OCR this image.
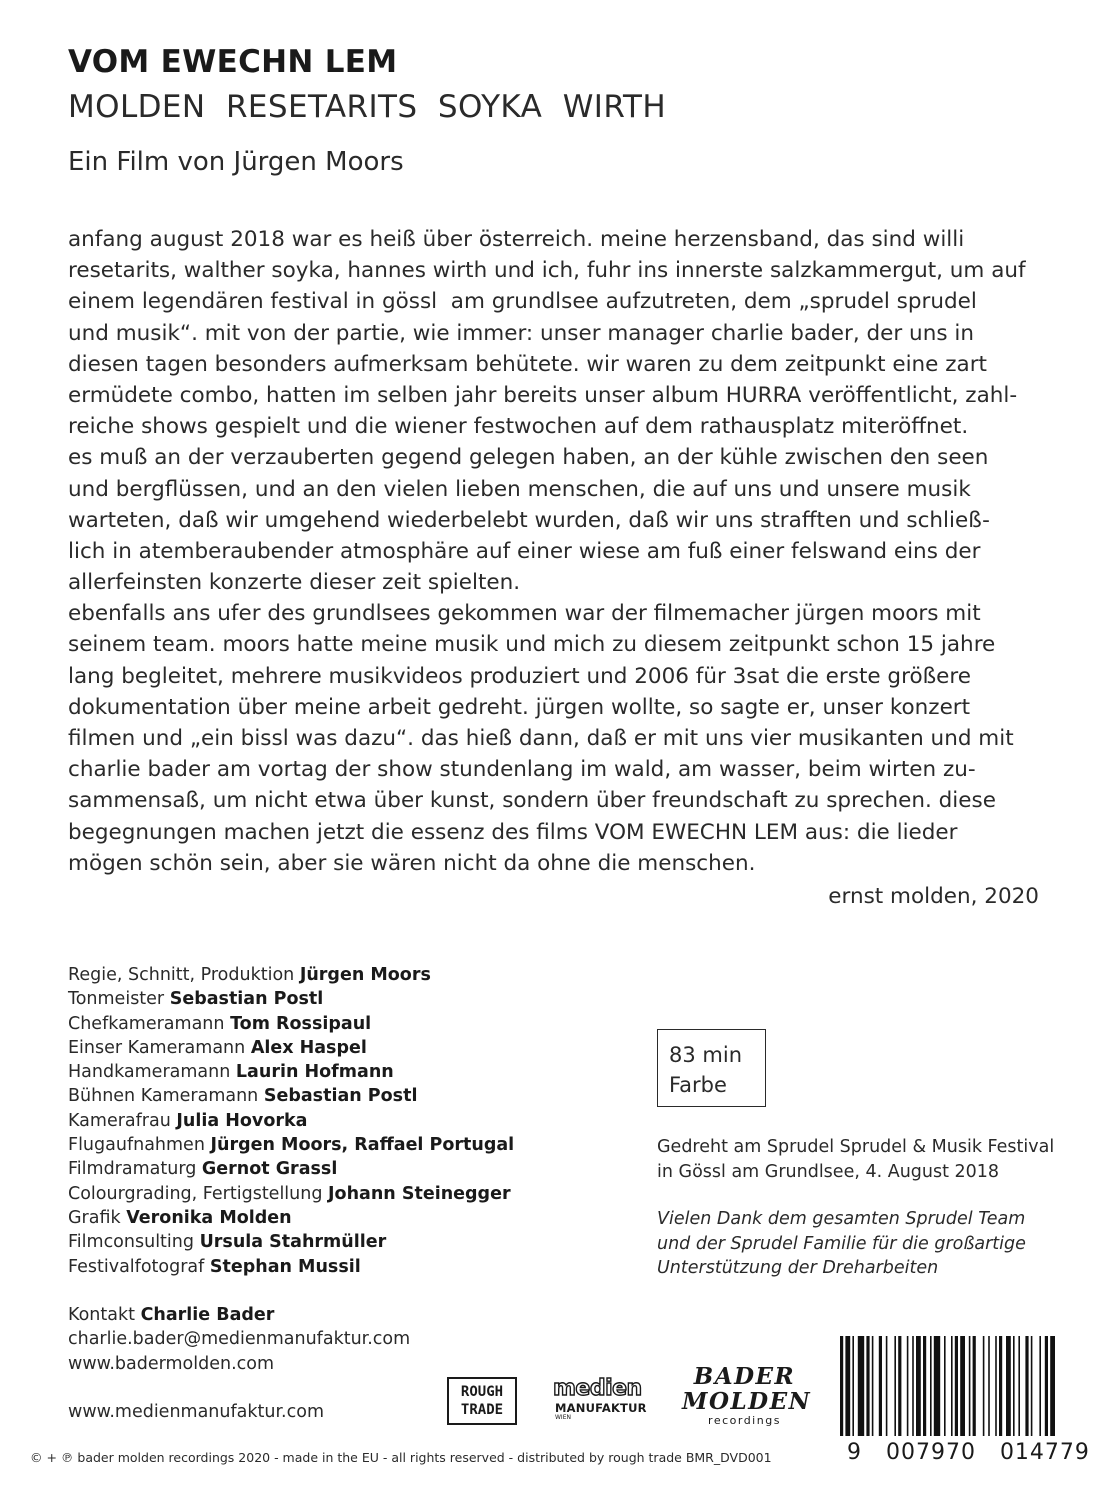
VOM EWECHN LEM
MOLDEN  RESETARITS  SOYKA  WIRTH
Ein Film von Jürgen Moors
anfang august 2018 war es heiß über österreich. meine herzensband, das sind willi
resetarits, walther soyka, hannes wirth und ich, fuhr ins innerste salzkammergut, um auf
einem legendären festival in gössl  am grundlsee aufzutreten, dem „sprudel sprudel
und musik“. mit von der partie, wie immer: unser manager charlie bader, der uns in
diesen tagen besonders aufmerksam behütete. wir waren zu dem zeitpunkt eine zart
ermüdete combo, hatten im selben jahr bereits unser album HURRA veröffentlicht, zahl-
reiche shows gespielt und die wiener festwochen auf dem rathausplatz miteröffnet.
es muß an der verzauberten gegend gelegen haben, an der kühle zwischen den seen
und bergflüssen, und an den vielen lieben menschen, die auf uns und unsere musik
warteten, daß wir umgehend wiederbelebt wurden, daß wir uns strafften und schließ-
lich in atemberaubender atmosphäre auf einer wiese am fuß einer felswand eins der
allerfeinsten konzerte dieser zeit spielten.
ebenfalls ans ufer des grundlsees gekommen war der filmemacher jürgen moors mit
seinem team. moors hatte meine musik und mich zu diesem zeitpunkt schon 15 jahre
lang begleitet, mehrere musikvideos produziert und 2006 für 3sat die erste größere
dokumentation über meine arbeit gedreht. jürgen wollte, so sagte er, unser konzert
filmen und „ein bissl was dazu“. das hieß dann, daß er mit uns vier musikanten und mit
charlie bader am vortag der show stundenlang im wald, am wasser, beim wirten zu-
sammensaß, um nicht etwa über kunst, sondern über freundschaft zu sprechen. diese
begegnungen machen jetzt die essenz des films VOM EWECHN LEM aus: die lieder
mögen schön sein, aber sie wären nicht da ohne die menschen.
ernst molden, 2020
Regie, Schnitt, Produktion Jürgen Moors
Tonmeister Sebastian Postl
Chefkameramann Tom Rossipaul
Einser Kameramann Alex Haspel
Handkameramann Laurin Hofmann
Bühnen Kameramann Sebastian Postl
Kamerafrau Julia Hovorka
Flugaufnahmen Jürgen Moors, Raffael Portugal
Filmdramaturg Gernot Grassl
Colourgrading, Fertigstellung Johann Steinegger
Grafik Veronika Molden
Filmconsulting Ursula Stahrmüller
Festivalfotograf Stephan Mussil
83 min
Farbe
Gedreht am Sprudel Sprudel & Musik Festival
in Gössl am Grundlsee, 4. August 2018
Vielen Dank dem gesamten Sprudel Team
und der Sprudel Familie für die großartige
Unterstützung der Dreharbeiten
Kontakt Charlie Bader
charlie.bader@medienmanufaktur.com
www.badermolden.com
www.medienmanufaktur.com
ROUGH
TRADE
medien
MANUFAKTUR
WIEN
BADER
MOLDEN
recordings
9   007970   014779
© + ℗ bader molden recordings 2020 - made in the EU - all rights reserved - distributed by rough trade BMR_DVD001
